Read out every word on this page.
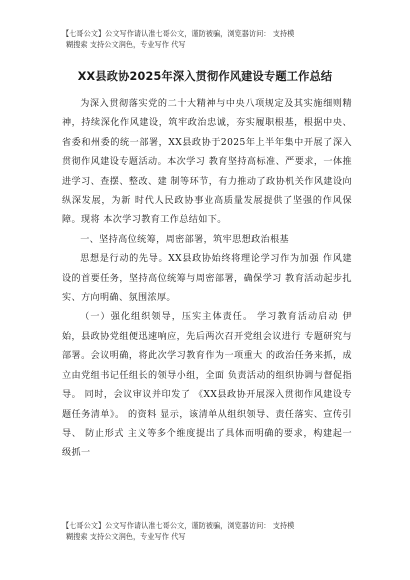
【七哥公文】公文写作请认准七哥公文，谨防被骗，浏览器访问： 支持模
糊搜索 支持公文润色，专业写作 代写
XX县政协2025年深入贯彻作风建设专题工作总结

为深入贯彻落实党的二十大精神与中央八项规定及其实施细则精神，持续深化作风建设，筑牢政治忠诚，夯实履职根基，根据中央、省委和州委的统一部署，XX县政协于2025年上半年集中开展了深入贯彻作风建设专题活动。本次学习 教育坚持高标准、严要求，一体推进学习、查摆、整改、建 制等环节，有力推动了政协机关作风建设向纵深发展，为新 时代人民政协事业高质量发展提供了坚强的作风保障。现将 本次学习教育工作总结如下。

一、坚持高位统筹，周密部署，筑牢思想政治根基

思想是行动的先导。XX县政协始终将理论学习作为加强 作风建设的首要任务，坚持高位统筹与周密部署，确保学习 教育活动起步扎实、方向明确、氛围浓厚。

（一）强化组织领导，压实主体责任。 学习教育活动启动 伊始，县政协党组便迅速响应，先后两次召开党组会议进行 专题研究与部署。会议明确，将此次学习教育作为一项重大 的政治任务来抓，成立由党组书记任组长的领导小组，全面 负责活动的组织协调与督促指导。 同时，会议审议并印发了 《XX县政协开展深入贯彻作风建设专题任务清单》。 的资料 显示，该清单从组织领导、责任落实、宣传引导、 防止形式 主义等多个维度提出了具体而明确的要求，构建起一级抓一

【七哥公文】公文写作请认准七哥公文，谨防被骗，浏览器访问： 支持模
糊搜索 支持公文润色，专业写作 代写
